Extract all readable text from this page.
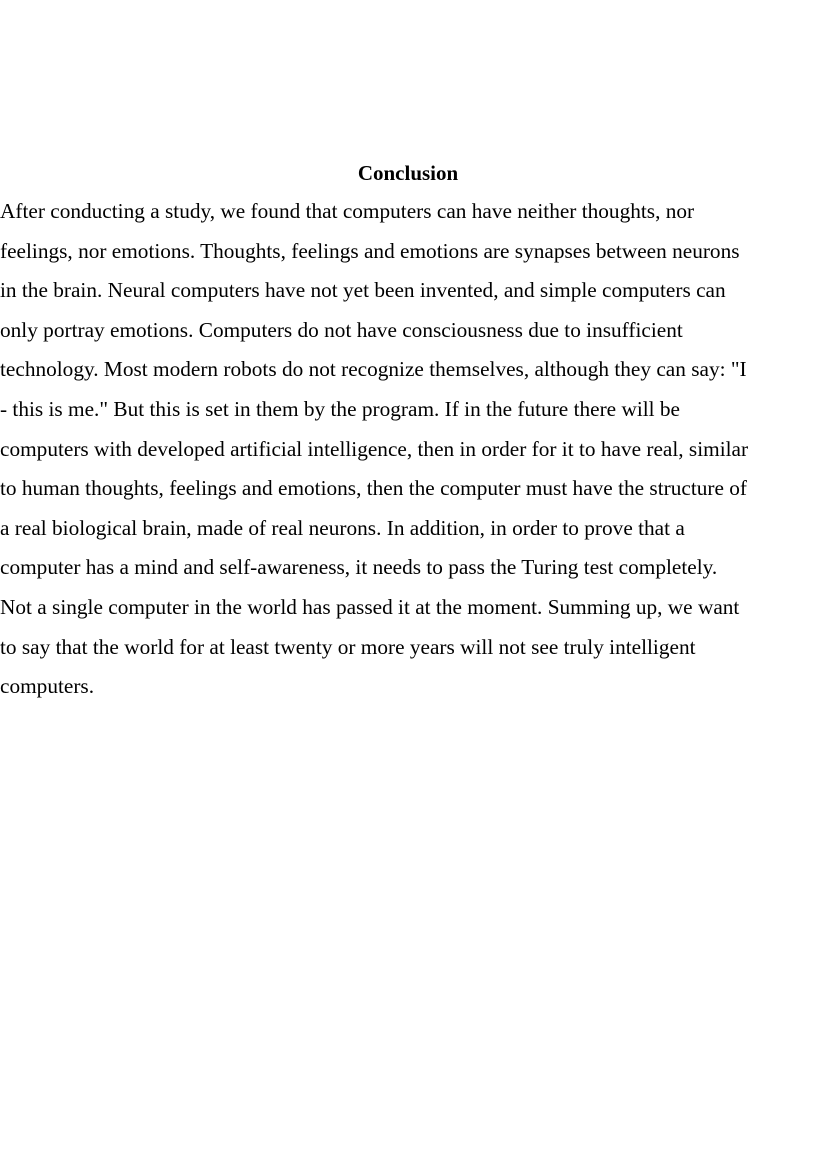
Conclusion
After conducting a study, we found that computers can have neither thoughts, nor
feelings, nor emotions. Thoughts, feelings and emotions are synapses between neurons
in the brain. Neural computers have not yet been invented, and simple computers can
only portray emotions. Computers do not have consciousness due to insufficient
technology. Most modern robots do not recognize themselves, although they can say: "I
- this is me." But this is set in them by the program. If in the future there will be
computers with developed artificial intelligence, then in order for it to have real, similar
to human thoughts, feelings and emotions, then the computer must have the structure of
a real biological brain, made of real neurons. In addition, in order to prove that a
computer has a mind and self-awareness, it needs to pass the Turing test completely.
Not a single computer in the world has passed it at the moment. Summing up, we want
to say that the world for at least twenty or more years will not see truly intelligent
computers.
